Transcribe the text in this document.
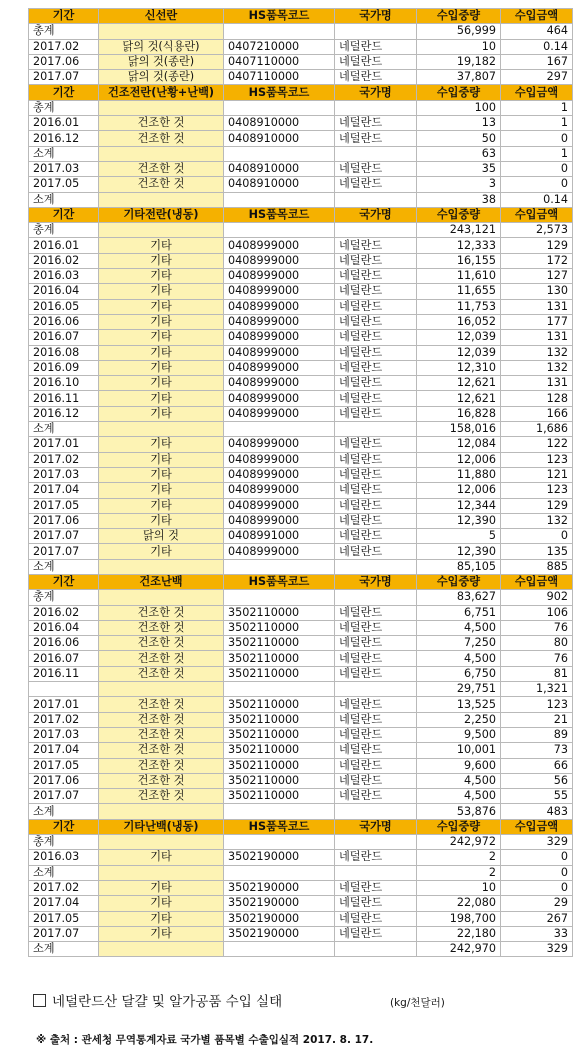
기간	신선란	HS품목코드	국가명	수입중량	수입금액
총계				56,999	464
2017.02	닭의 것(식용란)	0407210000	네덜란드	10	0.14
2017.06	닭의 것(종란)	0407110000	네덜란드	19,182	167
2017.07	닭의 것(종란)	0407110000	네덜란드	37,807	297
기간	건조전란(난황+난백)	HS품목코드	국가명	수입중량	수입금액
총계				100	1
2016.01	건조한 것	0408910000	네덜란드	13	1
2016.12	건조한 것	0408910000	네덜란드	50	0
소계				63	1
2017.03	건조한 것	0408910000	네덜란드	35	0
2017.05	건조한 것	0408910000	네덜란드	3	0
소계				38	0.14
기간	기타전란(냉동)	HS품목코드	국가명	수입중량	수입금액
총계				243,121	2,573
2016.01	기타	0408999000	네덜란드	12,333	129
2016.02	기타	0408999000	네덜란드	16,155	172
2016.03	기타	0408999000	네덜란드	11,610	127
2016.04	기타	0408999000	네덜란드	11,655	130
2016.05	기타	0408999000	네덜란드	11,753	131
2016.06	기타	0408999000	네덜란드	16,052	177
2016.07	기타	0408999000	네덜란드	12,039	131
2016.08	기타	0408999000	네덜란드	12,039	132
2016.09	기타	0408999000	네덜란드	12,310	132
2016.10	기타	0408999000	네덜란드	12,621	131
2016.11	기타	0408999000	네덜란드	12,621	128
2016.12	기타	0408999000	네덜란드	16,828	166
소계				158,016	1,686
2017.01	기타	0408999000	네덜란드	12,084	122
2017.02	기타	0408999000	네덜란드	12,006	123
2017.03	기타	0408999000	네덜란드	11,880	121
2017.04	기타	0408999000	네덜란드	12,006	123
2017.05	기타	0408999000	네덜란드	12,344	129
2017.06	기타	0408999000	네덜란드	12,390	132
2017.07	닭의 것	0408991000	네덜란드	5	0
2017.07	기타	0408999000	네덜란드	12,390	135
소계				85,105	885
기간	건조난백	HS품목코드	국가명	수입중량	수입금액
총계				83,627	902
2016.02	건조한 것	3502110000	네덜란드	6,751	106
2016.04	건조한 것	3502110000	네덜란드	4,500	76
2016.06	건조한 것	3502110000	네덜란드	7,250	80
2016.07	건조한 것	3502110000	네덜란드	4,500	76
2016.11	건조한 것	3502110000	네덜란드	6,750	81
				29,751	1,321
2017.01	건조한 것	3502110000	네덜란드	13,525	123
2017.02	건조한 것	3502110000	네덜란드	2,250	21
2017.03	건조한 것	3502110000	네덜란드	9,500	89
2017.04	건조한 것	3502110000	네덜란드	10,001	73
2017.05	건조한 것	3502110000	네덜란드	9,600	66
2017.06	건조한 것	3502110000	네덜란드	4,500	56
2017.07	건조한 것	3502110000	네덜란드	4,500	55
소계				53,876	483
기간	기타난백(냉동)	HS품목코드	국가명	수입중량	수입금액
총계				242,972	329
2016.03	기타	3502190000	네덜란드	2	0
소계				2	0
2017.02	기타	3502190000	네덜란드	10	0
2017.04	기타	3502190000	네덜란드	22,080	29
2017.05	기타	3502190000	네덜란드	198,700	267
2017.07	기타	3502190000	네덜란드	22,180	33
소계				242,970	329
네덜란드산 달걀 및 알가공품 수입 실태	(kg/천달러)
※ 출처 : 관세청 무역통계자료 국가별 품목별 수출입실적 2017. 8. 17.
